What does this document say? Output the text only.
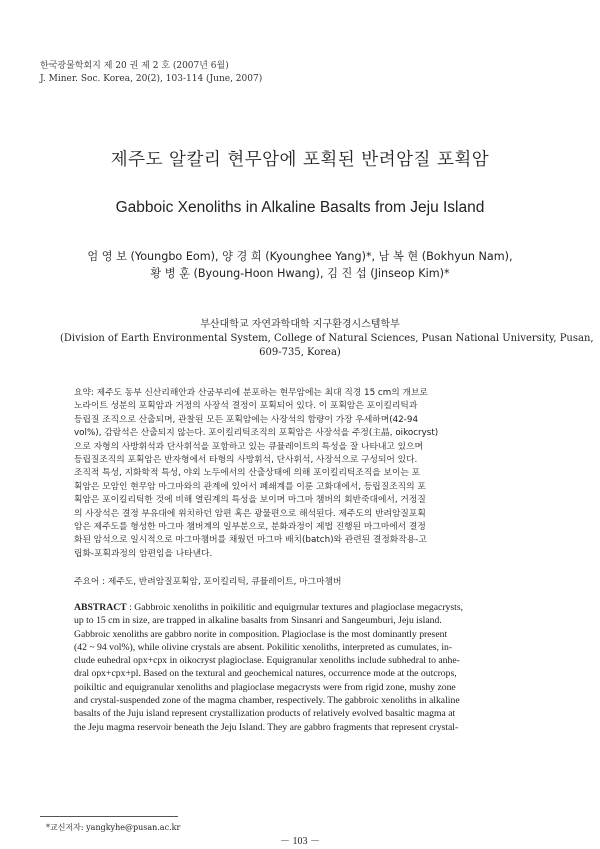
한국광물학회지 제 20 권 제 2 호 (2007년 6월)
J. Miner. Soc. Korea, 20(2), 103-114 (June, 2007)
제주도 알칼리 현무암에 포획된 반려암질 포획암
Gabboic Xenoliths in Alkaline Basalts from Jeju Island
엄 영 보 (Youngbo Eom), 양 경 희 (Kyounghee Yang)*, 남 복 현 (Bokhyun Nam),
황 병 훈 (Byoung-Hoon Hwang), 김 진 섭 (Jinseop Kim)*
부산대학교 자연과학대학 지구환경시스템학부
(Division of Earth Environmental System, College of Natural Sciences, Pusan National University, Pusan,
609-735, Korea)
요약: 제주도 동부 신산리해안과 산굼부리에 분포하는 현무암에는 최대 직경 15 cm의 개브로
노라이트 성분의 포획암과 거정의 사장석 결정이 포획되어 있다. 이 포획암은 포이킬리틱과
등립질 조직으로 산출되며, 관찰된 모든 포획암에는 사장석의 함량이 가장 우세하며(42-94
vol%), 감람석은 산출되지 않는다. 포이킬리틱조직의 포획암은 사장석을 주정(主晶, oikocryst)
으로 자형의 사방휘석과 단사휘석을 포함하고 있는 큐뮬레이트의 특성을 잘 나타내고 있으며
등립질조직의 포획암은 반자형에서 타형의 사방휘석, 단사휘석, 사장석으로 구성되어 있다.
조직적 특성, 지화학적 특성, 야외 노두에서의 산출상태에 의해 포이킬리틱조직을 보이는 포
획암은 모암인 현무암 마그마와의 관계에 있어서 폐쇄계를 이룬 고화대에서, 등립질조직의 포
획암은 포이킬리틱한 것에 비해 열린계의 특성을 보이며 마그마 챔버의 회반죽대에서, 거정질
의 사장석은 결정 부유대에 위치하던 암편 혹은 광물편으로 해석된다. 제주도의 반려암질포획
암은 제주도를 형성한 마그마 챔버계의 일부분으로, 분화과정이 제법 진행된 마그마에서 결정
화된 암석으로 일시적으로 마그마챔버를 채웠던 마그마 배치(batch)와 관련된 결정화작용-고
립화-포획과정의 암편임을 나타낸다.
주요어 : 제주도, 반려암질포획암, 포이킬리틱, 큐뮬레이트, 마그마챔버
ABSTRACT : Gabbroic xenoliths in poikilitic and equigrnular textures and plagioclase megacrysts,
up to 15 cm in size, are trapped in alkaline basalts from Sinsanri and Sangeumburi, Jeju island.
Gabbroic xenoliths are gabbro norite in composition. Plagioclase is the most dominantly present
(42 ~ 94 vol%), while olivine crystals are absent. Pokilitic xenoliths, interpreted as cumulates, in-
clude euhedral opx+cpx in oikocryst plagioclase. Equigranular xenoliths include subhedral to anhe-
dral opx+cpx+pl. Based on the textural and geochemical natures, occurrence mode at the outcrops,
poikiltic and equigranular xenoliths and plagioclase megacrysts were from rigid zone, mushy zone
and crystal-suspended zone of the magma chamber, respectively. The gabbroic xenoliths in alkaline
basalts of the Juju island represent crystallization products of relatively evolved basaltic magma at
the Jeju magma reservoir beneath the Jeju Island. They are gabbro fragments that represent crystal-
*교신저자: yangkyhe@pusan.ac.kr
－ 103 －
